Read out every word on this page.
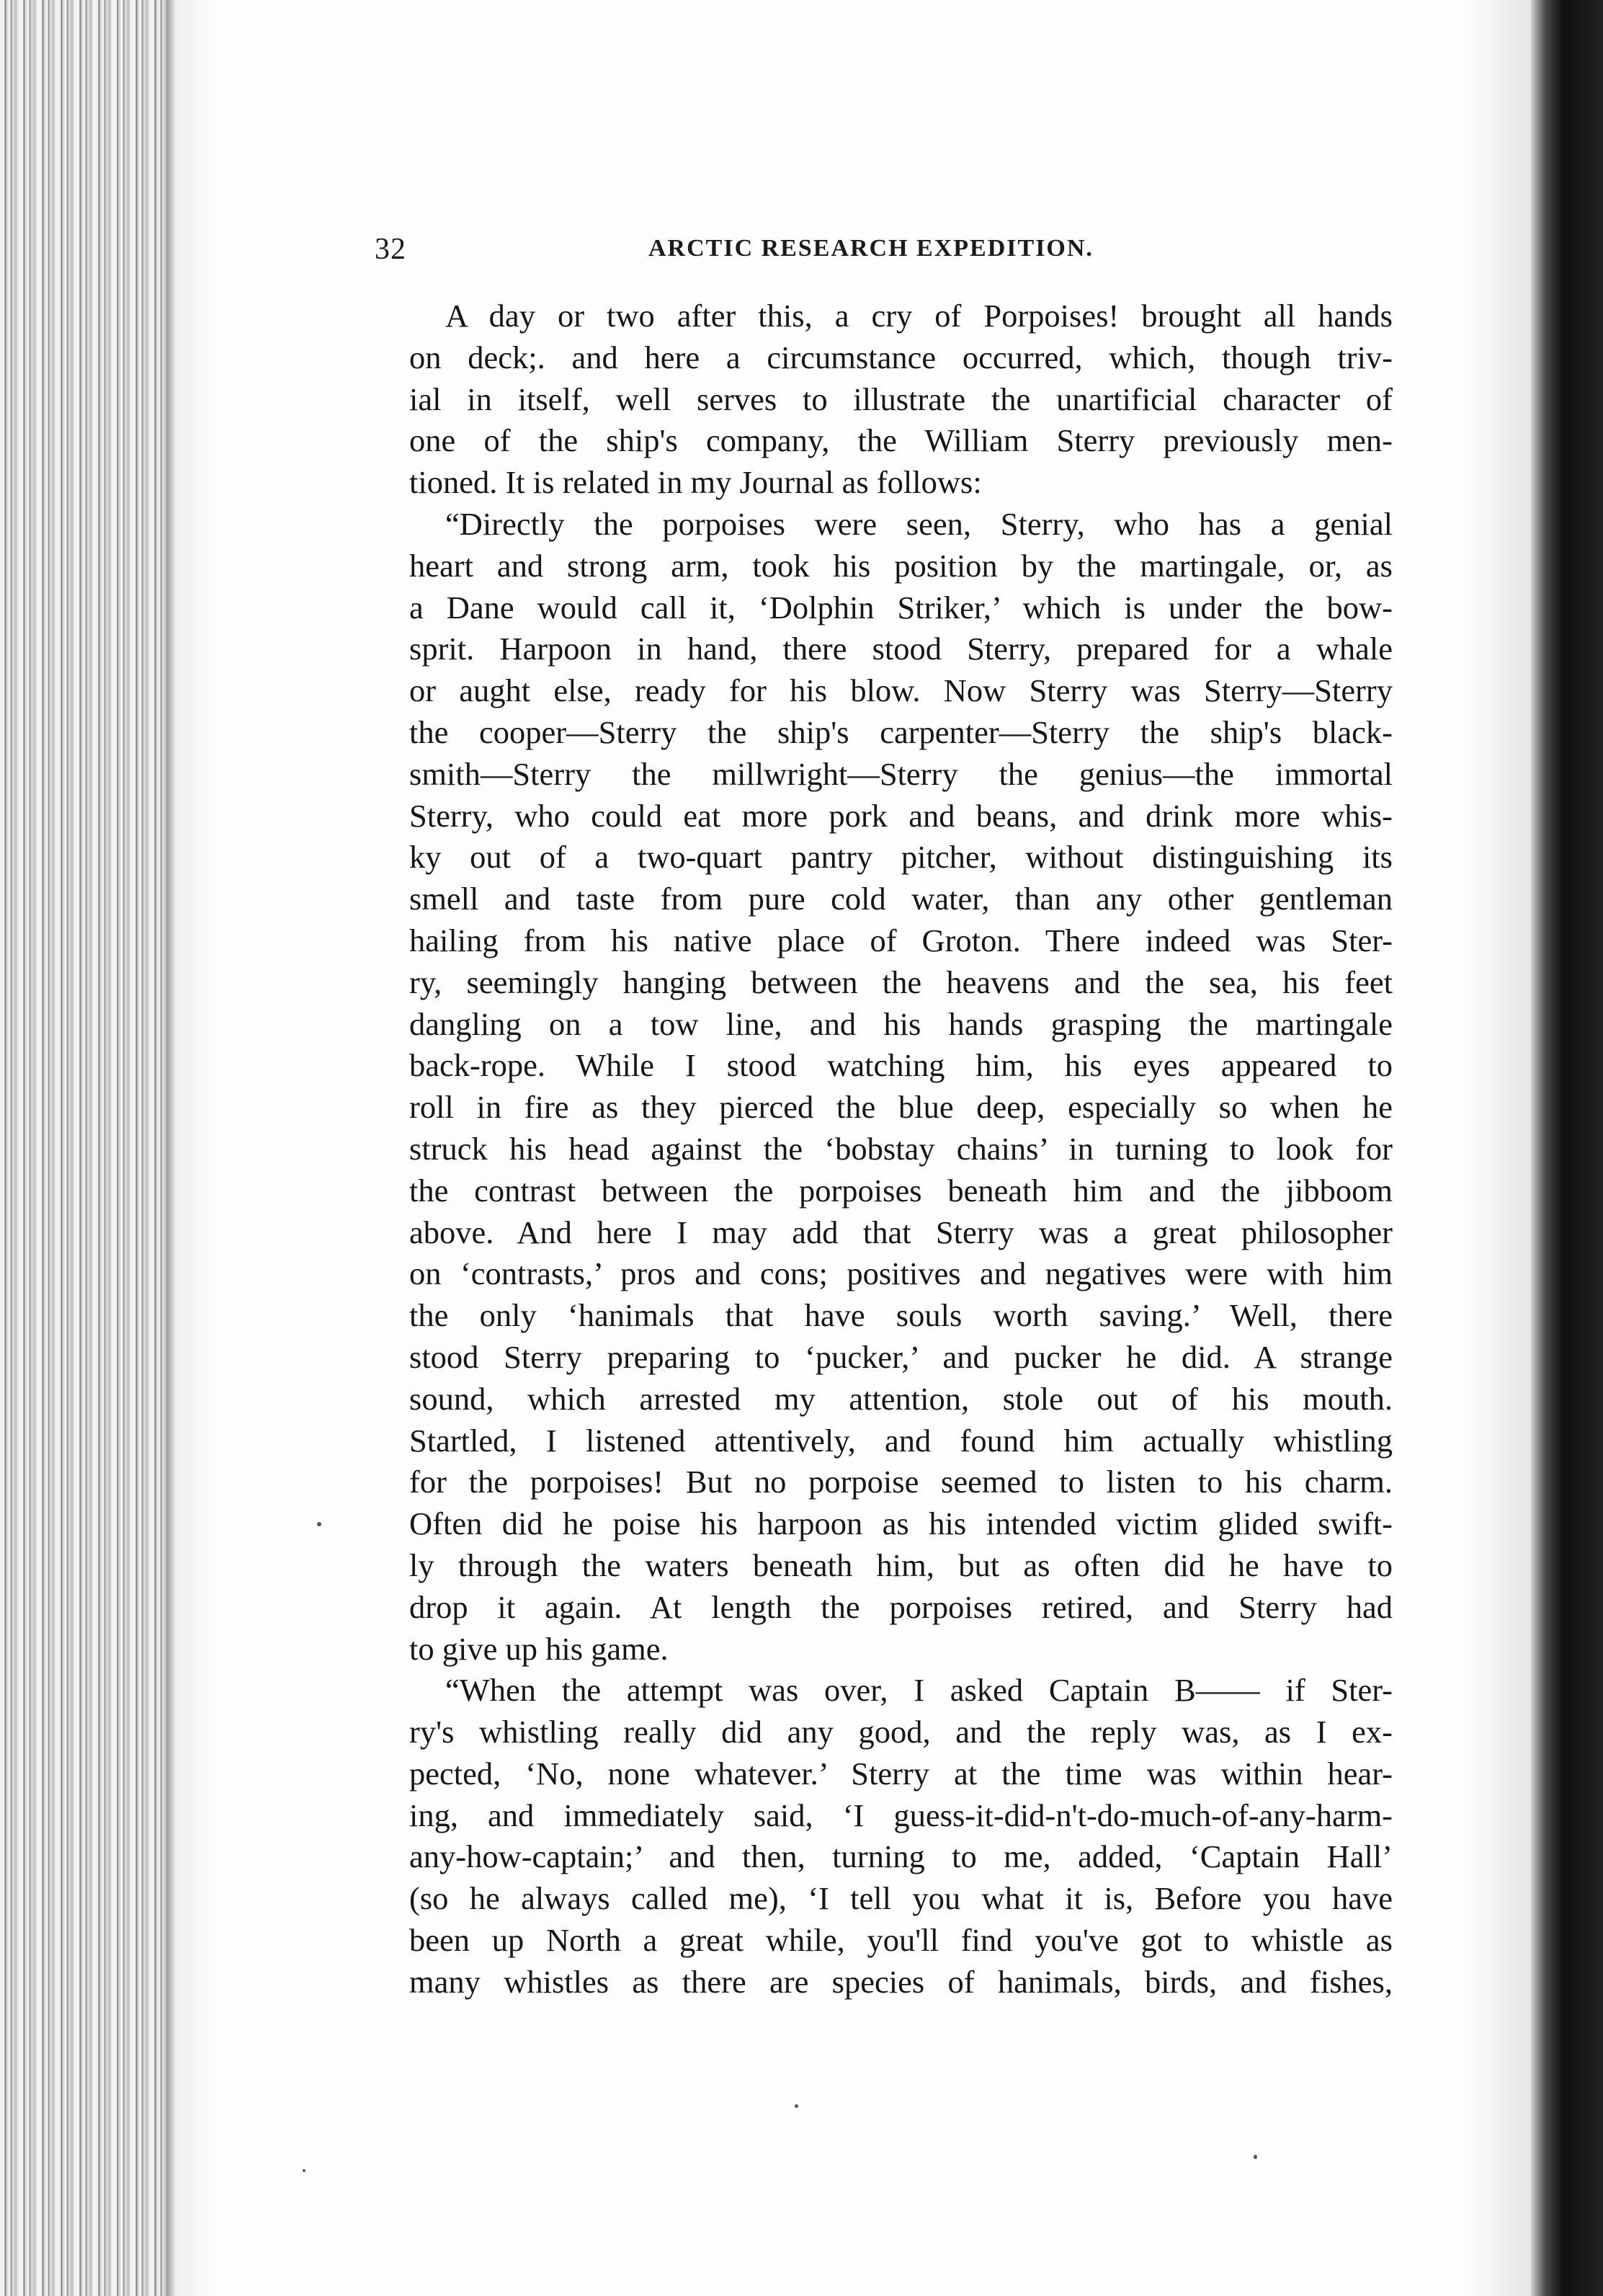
32	ARCTIC RESEARCH EXPEDITION.
A day or two after this, a cry of Porpoises! brought all hands
on deck;. and here a circumstance occurred, which, though triv-
ial in itself, well serves to illustrate the unartificial character of
one of the ship's company, the William Sterry previously men-
tioned. It is related in my Journal as follows:
“Directly the porpoises were seen, Sterry, who has a genial
heart and strong arm, took his position by the martingale, or, as
a Dane would call it, ‘Dolphin Striker,’ which is under the bow-
sprit. Harpoon in hand, there stood Sterry, prepared for a whale
or aught else, ready for his blow. Now Sterry was Sterry—Sterry
the cooper—Sterry the ship's carpenter—Sterry the ship's black-
smith—Sterry the millwright—Sterry the genius—the immortal
Sterry, who could eat more pork and beans, and drink more whis-
ky out of a two-quart pantry pitcher, without distinguishing its
smell and taste from pure cold water, than any other gentleman
hailing from his native place of Groton. There indeed was Ster-
ry, seemingly hanging between the heavens and the sea, his feet
dangling on a tow line, and his hands grasping the martingale
back-rope. While I stood watching him, his eyes appeared to
roll in fire as they pierced the blue deep, especially so when he
struck his head against the ‘bobstay chains’ in turning to look for
the contrast between the porpoises beneath him and the jibboom
above. And here I may add that Sterry was a great philosopher
on ‘contrasts,’ pros and cons; positives and negatives were with him
the only ‘hanimals that have souls worth saving.’ Well, there
stood Sterry preparing to ‘pucker,’ and pucker he did. A strange
sound, which arrested my attention, stole out of his mouth.
Startled, I listened attentively, and found him actually whistling
for the porpoises! But no porpoise seemed to listen to his charm.
Often did he poise his harpoon as his intended victim glided swift-
ly through the waters beneath him, but as often did he have to
drop it again. At length the porpoises retired, and Sterry had
to give up his game.
“When the attempt was over, I asked Captain B—— if Ster-
ry's whistling really did any good, and the reply was, as I ex-
pected, ‘No, none whatever.’ Sterry at the time was within hear-
ing, and immediately said, ‘I guess-it-did-n't-do-much-of-any-harm-
any-how-captain;’ and then, turning to me, added, ‘Captain Hall’
(so he always called me), ‘I tell you what it is, Before you have
been up North a great while, you'll find you've got to whistle as
many whistles as there are species of hanimals, birds, and fishes,
